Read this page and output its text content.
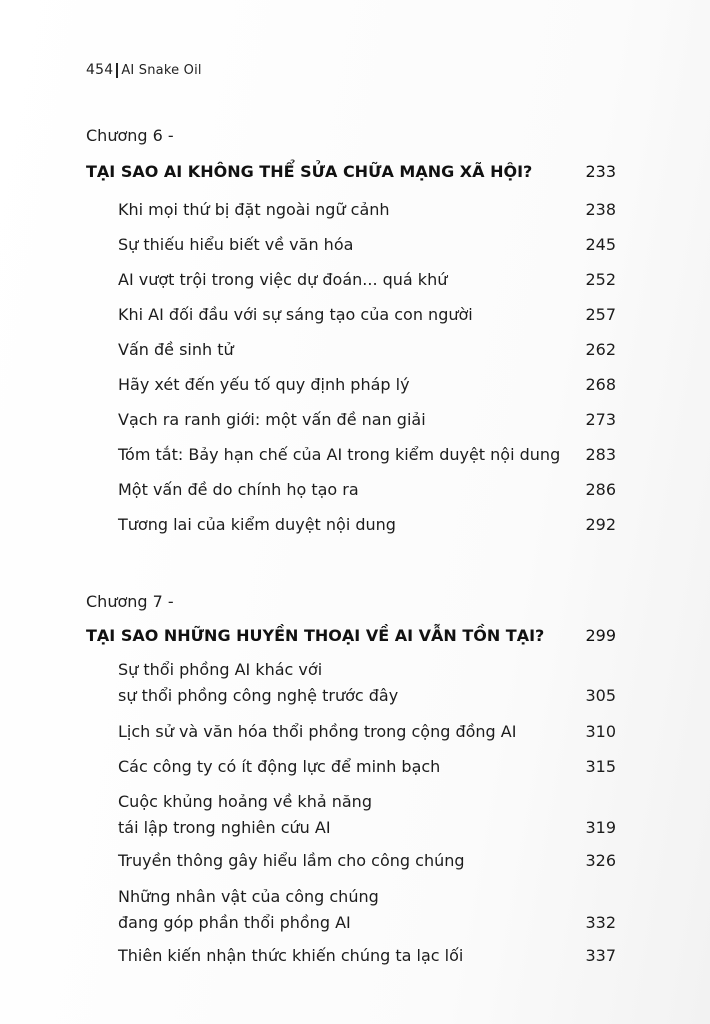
454 AI Snake Oil
Chương 6 -
TẠI SAO AI KHÔNG THỂ SỬA CHỮA MẠNG XÃ HỘI?	233
Khi mọi thứ bị đặt ngoài ngữ cảnh	238
Sự thiếu hiểu biết về văn hóa	245
AI vượt trội trong việc dự đoán... quá khứ	252
Khi AI đối đầu với sự sáng tạo của con người	257
Vấn đề sinh tử	262
Hãy xét đến yếu tố quy định pháp lý	268
Vạch ra ranh giới: một vấn đề nan giải	273
Tóm tắt: Bảy hạn chế của AI trong kiểm duyệt nội dung 283
Một vấn đề do chính họ tạo ra	286
Tương lai của kiểm duyệt nội dung	292
Chương 7 -
TẠI SAO NHỮNG HUYỀN THOẠI VỀ AI VẪN TỒN TẠI?	299
Sự thổi phồng AI khác với
sự thổi phồng công nghệ trước đây	305
Lịch sử và văn hóa thổi phồng trong cộng đồng AI	310
Các công ty có ít động lực để minh bạch	315
Cuộc khủng hoảng về khả năng
tái lập trong nghiên cứu AI	319
Truyền thông gây hiểu lầm cho công chúng	326
Những nhân vật của công chúng
đang góp phần thổi phồng AI	332
Thiên kiến nhận thức khiến chúng ta lạc lối	337
